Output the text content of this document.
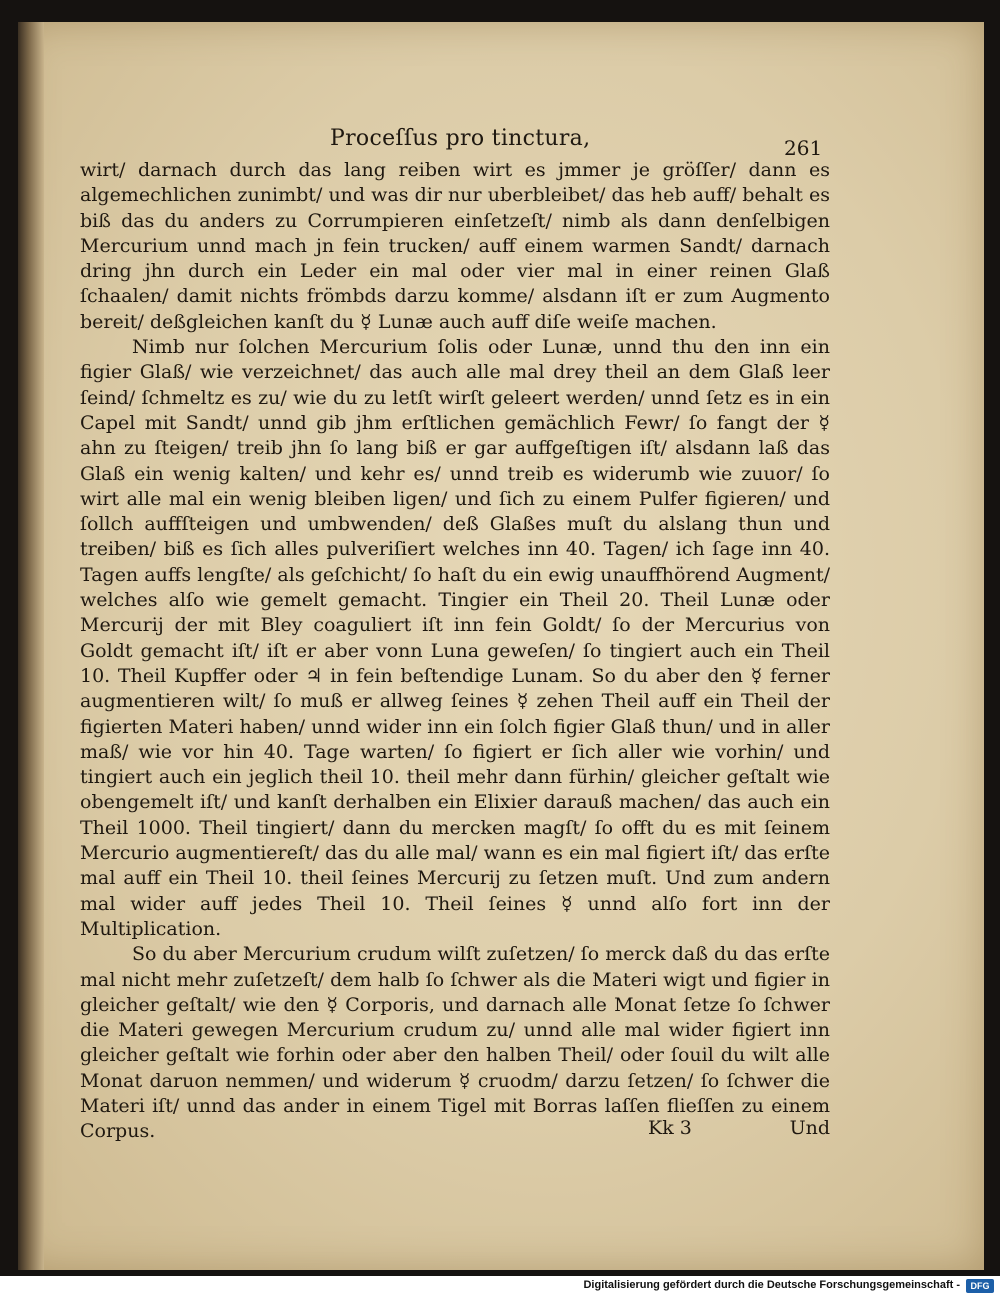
Proceſſus pro tinctura,	261

wirt/ darnach durch das lang reiben wirt es jmmer je gröſſer/ dann es algemechlichen zunimbt/ und was dir nur uberbleibet/ das heb auff/ behalt es biß das du anders zu Corrumpieren einſetzeſt/ nimb als dann denſelbigen Mercurium unnd mach jn fein trucken/ auff einem warmen Sandt/ darnach dring jhn durch ein Leder ein mal oder vier mal in einer reinen Glaß ſchaalen/ damit nichts frömbds darzu komme/ alsdann iſt er zum Augmento bereit/ deßgleichen kanſt du ☿ Lunæ auch auff diſe weiſe machen.

Nimb nur ſolchen Mercurium ſolis oder Lunæ, unnd thu den inn ein figier Glaß/ wie verzeichnet/ das auch alle mal drey theil an dem Glaß leer ſeind/ ſchmeltz es zu/ wie du zu letſt wirſt geleert werden/ unnd ſetz es in ein Capel mit Sandt/ unnd gib jhm erſtlichen gemächlich Fewr/ ſo fangt der ☿ ahn zu ſteigen/ treib jhn ſo lang biß er gar auffgeſtigen iſt/ alsdann laß das Glaß ein wenig kalten/ und kehr es/ unnd treib es widerumb wie zuuor/ ſo wirt alle mal ein wenig bleiben ligen/ und ſich zu einem Pulfer figieren/ und ſollch auffſteigen und umbwenden/ deß Glaßes muſt du alslang thun und treiben/ biß es ſich alles pulveriſiert welches inn 40. Tagen/ ich ſage inn 40. Tagen auffs lengſte/ als geſchicht/ ſo haſt du ein ewig unauffhörend Augment/ welches alſo wie gemelt gemacht. Tingier ein Theil 20. Theil Lunæ oder Mercurij der mit Bley coaguliert iſt inn fein Goldt/ ſo der Mercurius von Goldt gemacht iſt/ iſt er aber vonn Luna geweſen/ ſo tingiert auch ein Theil 10. Theil Kupffer oder ♃ in fein beſtendige Lunam. So du aber den ☿ ferner augmentieren wilt/ ſo muß er allweg ſeines ☿ zehen Theil auff ein Theil der figierten Materi haben/ unnd wider inn ein ſolch figier Glaß thun/ und in aller maß/ wie vor hin 40. Tage warten/ ſo figiert er ſich aller wie vorhin/ und tingiert auch ein jeglich theil 10. theil mehr dann fürhin/ gleicher geſtalt wie obengemelt iſt/ und kanſt derhalben ein Elixier darauß machen/ das auch ein Theil 1000. Theil tingiert/ dann du mercken magſt/ ſo offt du es mit ſeinem Mercurio augmentiereſt/ das du alle mal/ wann es ein mal figiert iſt/ das erſte mal auff ein Theil 10. theil ſeines Mercurij zu ſetzen muſt. Und zum andern mal wider auff jedes Theil 10. Theil ſeines ☿ unnd alſo fort inn der Multiplication.

So du aber Mercurium crudum wilſt zuſetzen/ ſo merck daß du das erſte mal nicht mehr zuſetzeſt/ dem halb ſo ſchwer als die Materi wigt und figier in gleicher geſtalt/ wie den ☿ Corporis, und darnach alle Monat ſetze ſo ſchwer die Materi gewegen Mercurium crudum zu/ unnd alle mal wider figiert inn gleicher geſtalt wie forhin oder aber den halben Theil/ oder ſouil du wilt alle Monat daruon nemmen/ und widerum ☿ cruodm/ darzu ſetzen/ ſo ſchwer die Materi iſt/ unnd das ander in einem Tigel mit Borras laſſen flieſſen zu einem Corpus.	Kk 3	Und
Digitalisierung gefördert durch die Deutsche Forschungsgemeinschaft -	DFG
